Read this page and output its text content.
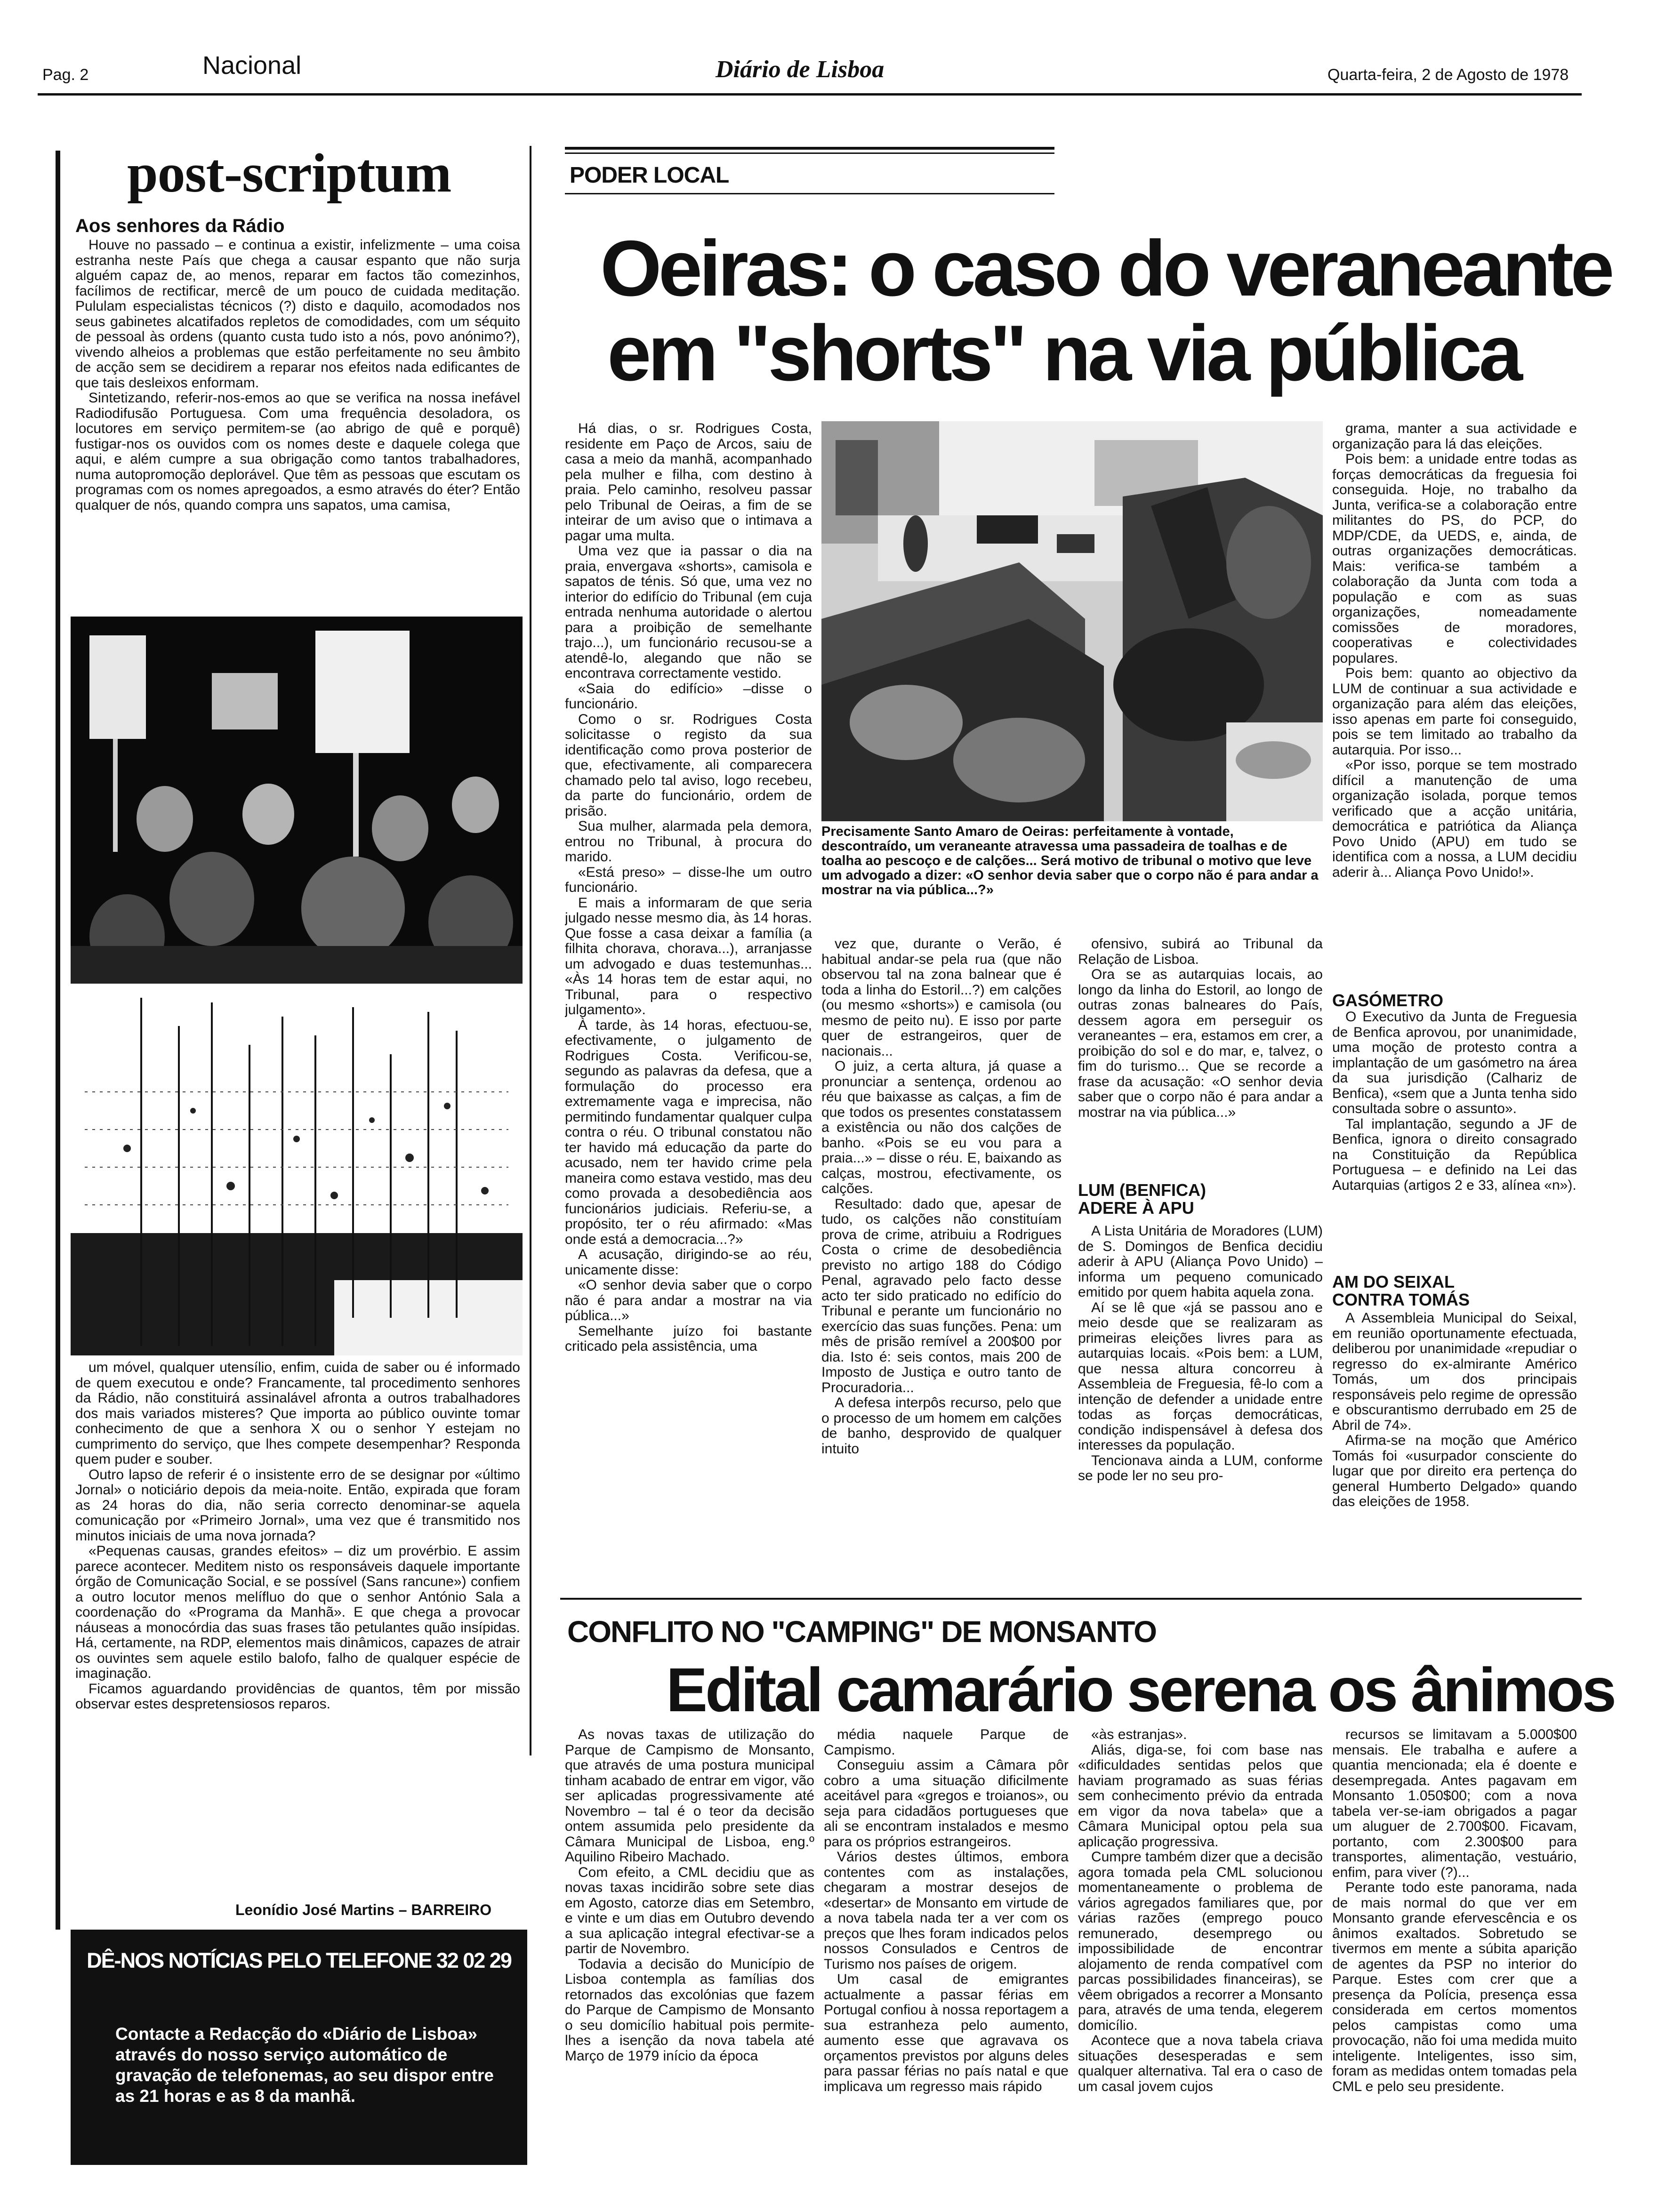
Pag. 2	Nacional	Diário de Lisboa	Quarta-feira, 2 de Agosto de 1978
post-scriptum
Aos senhores da Rádio

Houve no passado – e continua a existir, infelizmente – uma coisa estranha neste País que chega a causar espanto que não surja alguém capaz de, ao menos, reparar em factos tão comezinhos, facílimos de rectificar, mercê de um pouco de cuidada meditação. Pululam especialistas técnicos (?) disto e daquilo, acomodados nos seus gabinetes alcatifados repletos de comodidades, com um séquito de pessoal às ordens (quanto custa tudo isto a nós, povo anónimo?), vivendo alheios a problemas que estão perfeitamente no seu âmbito de acção sem se decidirem a reparar nos efeitos nada edificantes de que tais desleixos enformam.

Sintetizando, referir-nos-emos ao que se verifica na nossa inefável Radiodifusão Portuguesa. Com uma frequência desoladora, os locutores em serviço permitem-se (ao abrigo de quê e porquê) fustigar-nos os ouvidos com os nomes deste e daquele colega que aqui, e além cumpre a sua obrigação como tantos trabalhadores, numa autopromoção deplorável. Que têm as pessoas que escutam os programas com os nomes apregoados, a esmo através do éter? Então qualquer de nós, quando compra uns sapatos, uma camisa,

um móvel, qualquer utensílio, enfim, cuida de saber ou é informado de quem executou e onde? Francamente, tal procedimento senhores da Rádio, não constituirá assinalável afronta a outros trabalhadores dos mais variados misteres? Que importa ao público ouvinte tomar conhecimento de que a senhora X ou o senhor Y estejam no cumprimento do serviço, que lhes compete desempenhar? Responda quem puder e souber.

Outro lapso de referir é o insistente erro de se designar por «último Jornal» o noticiário depois da meia-noite. Então, expirada que foram as 24 horas do dia, não seria correcto denominar-se aquela comunicação por «Primeiro Jornal», uma vez que é transmitido nos minutos iniciais de uma nova jornada?

«Pequenas causas, grandes efeitos» – diz um provérbio. E assim parece acontecer. Meditem nisto os responsáveis daquele importante órgão de Comunicação Social, e se possível (Sans rancune») confiem a outro locutor menos melífluo do que o senhor António Sala a coordenação do «Programa da Manhã». E que chega a provocar náuseas a monocórdia das suas frases tão petulantes quão insípidas. Há, certamente, na RDP, elementos mais dinâmicos, capazes de atrair os ouvintes sem aquele estilo balofo, falho de qualquer espécie de imaginação.

Ficamos aguardando providências de quantos, têm por missão observar estes despretensiosos reparos.

Leonídio José Martins – BARREIRO
DÊ-NOS NOTÍCIAS PELO TELEFONE 32 02 29
Contacte a Redacção do «Diário de Lisboa» através do nosso serviço automático de gravação de telefonemas, ao seu dispor entre as 21 horas e as 8 da manhã.
PODER LOCAL
Oeiras: o caso do veraneante
em "shorts" na via pública
Precisamente Santo Amaro de Oeiras: perfeitamente à vontade, descontraído, um veraneante atravessa uma passadeira de toalhas e de toalha ao pescoço e de calções... Será motivo de tribunal o motivo que leve um advogado a dizer: «O senhor devia saber que o corpo não é para andar a mostrar na via pública...?»

Há dias, o sr. Rodrigues Costa, residente em Paço de Arcos, saiu de casa a meio da manhã, acompanhado pela mulher e filha, com destino à praia. Pelo caminho, resolveu passar pelo Tribunal de Oeiras, a fim de se inteirar de um aviso que o intimava a pagar uma multa.

Uma vez que ia passar o dia na praia, envergava «shorts», camisola e sapatos de ténis. Só que, uma vez no interior do edifício do Tribunal (em cuja entrada nenhuma autoridade o alertou para a proibição de semelhante trajo...), um funcionário recusou-se a atendê-lo, alegando que não se encontrava correctamente vestido.

«Saia do edifício» –disse o funcionário.

Como o sr. Rodrigues Costa solicitasse o registo da sua identificação como prova posterior de que, efectivamente, ali comparecera chamado pelo tal aviso, logo recebeu, da parte do funcionário, ordem de prisão.

Sua mulher, alarmada pela demora, entrou no Tribunal, à procura do marido.

«Está preso» – disse-lhe um outro funcionário.

E mais a informaram de que seria julgado nesse mesmo dia, às 14 horas. Que fosse a casa deixar a família (a filhita chorava, chorava...), arranjasse um advogado e duas testemunhas... «Às 14 horas tem de estar aqui, no Tribunal, para o respectivo julgamento».

À tarde, às 14 horas, efectuou-se, efectivamente, o julgamento de Rodrigues Costa. Verificou-se, segundo as palavras da defesa, que a formulação do processo era extremamente vaga e imprecisa, não permitindo fundamentar qualquer culpa contra o réu. O tribunal constatou não ter havido má educação da parte do acusado, nem ter havido crime pela maneira como estava vestido, mas deu como provada a desobediência aos funcionários judiciais. Referiu-se, a propósito, ter o réu afirmado: «Mas onde está a democracia...?»

A acusação, dirigindo-se ao réu, unicamente disse:

«O senhor devia saber que o corpo não é para andar a mostrar na via pública...»

Semelhante juízo foi bastante criticado pela assistência, uma

vez que, durante o Verão, é habitual andar-se pela rua (que não observou tal na zona balnear que é toda a linha do Estoril...?) em calções (ou mesmo «shorts») e camisola (ou mesmo de peito nu). E isso por parte quer de estrangeiros, quer de nacionais...

O juiz, a certa altura, já quase a pronunciar a sentença, ordenou ao réu que baixasse as calças, a fim de que todos os presentes constatassem a existência ou não dos calções de banho. «Pois se eu vou para a praia...» – disse o réu. E, baixando as calças, mostrou, efectivamente, os calções.

Resultado: dado que, apesar de tudo, os calções não constituíam prova de crime, atribuiu a Rodrigues Costa o crime de desobediência previsto no artigo 188 do Código Penal, agravado pelo facto desse acto ter sido praticado no edifício do Tribunal e perante um funcionário no exercício das suas funções. Pena: um mês de prisão remível a 200$00 por dia. Isto é: seis contos, mais 200 de Imposto de Justiça e outro tanto de Procuradoria...

A defesa interpôs recurso, pelo que o processo de um homem em calções de banho, desprovido de qualquer intuito

ofensivo, subirá ao Tribunal da Relação de Lisboa.

Ora se as autarquias locais, ao longo da linha do Estoril, ao longo de outras zonas balneares do País, dessem agora em perseguir os veraneantes – era, estamos em crer, a proibição do sol e do mar, e, talvez, o fim do turismo... Que se recorde a frase da acusação: «O senhor devia saber que o corpo não é para andar a mostrar na via pública...»

LUM (BENFICA) ADERE À APU

A Lista Unitária de Moradores (LUM) de S. Domingos de Benfica decidiu aderir à APU (Aliança Povo Unido) – informa um pequeno comunicado emitido por quem habita aquela zona.

Aí se lê que «já se passou ano e meio desde que se realizaram as primeiras eleições livres para as autarquias locais. «Pois bem: a LUM, que nessa altura concorreu à Assembleia de Freguesia, fê-lo com a intenção de defender a unidade entre todas as forças democráticas, condição indispensável à defesa dos interesses da população.

Tencionava ainda a LUM, conforme se pode ler no seu pro-

grama, manter a sua actividade e organização para lá das eleições.

Pois bem: a unidade entre todas as forças democráticas da freguesia foi conseguida. Hoje, no trabalho da Junta, verifica-se a colaboração entre militantes do PS, do PCP, do MDP/CDE, da UEDS, e, ainda, de outras organizações democráticas. Mais: verifica-se também a colaboração da Junta com toda a população e com as suas organizações, nomeadamente comissões de moradores, cooperativas e colectividades populares.

Pois bem: quanto ao objectivo da LUM de continuar a sua actividade e organização para além das eleições, isso apenas em parte foi conseguido, pois se tem limitado ao trabalho da autarquia. Por isso...

«Por isso, porque se tem mostrado difícil a manutenção de uma organização isolada, porque temos verificado que a acção unitária, democrática e patriótica da Aliança Povo Unido (APU) em tudo se identifica com a nossa, a LUM decidiu aderir à... Aliança Povo Unido!».

GASÓMETRO

O Executivo da Junta de Freguesia de Benfica aprovou, por unanimidade, uma moção de protesto contra a implantação de um gasómetro na área da sua jurisdição (Calhariz de Benfica), «sem que a Junta tenha sido consultada sobre o assunto».

Tal implantação, segundo a JF de Benfica, ignora o direito consagrado na Constituição da República Portuguesa – e definido na Lei das Autarquias (artigos 2 e 33, alínea «n»).

AM DO SEIXAL CONTRA TOMÁS

A Assembleia Municipal do Seixal, em reunião oportunamente efectuada, deliberou por unanimidade «repudiar o regresso do ex-almirante Américo Tomás, um dos principais responsáveis pelo regime de opressão e obscurantismo derrubado em 25 de Abril de 74».

Afirma-se na moção que Américo Tomás foi «usurpador consciente do lugar que por direito era pertença do general Humberto Delgado» quando das eleições de 1958.

CONFLITO NO "CAMPING" DE MONSANTO
Edital camarário serena os ânimos

As novas taxas de utilização do Parque de Campismo de Monsanto, que através de uma postura municipal tinham acabado de entrar em vigor, vão ser aplicadas progressivamente até Novembro – tal é o teor da decisão ontem assumida pelo presidente da Câmara Municipal de Lisboa, eng.º Aquilino Ribeiro Machado.

Com efeito, a CML decidiu que as novas taxas incidirão sobre sete dias em Agosto, catorze dias em Setembro, e vinte e um dias em Outubro devendo a sua aplicação integral efectivar-se a partir de Novembro.

Todavia a decisão do Município de Lisboa contempla as famílias dos retornados das excolónias que fazem do Parque de Campismo de Monsanto o seu domicílio habitual pois permite-lhes a isenção da nova tabela até Março de 1979 início da época

média naquele Parque de Campismo.

Conseguiu assim a Câmara pôr cobro a uma situação dificilmente aceitável para «gregos e troianos», ou seja para cidadãos portugueses que ali se encontram instalados e mesmo para os próprios estrangeiros.

Vários destes últimos, embora contentes com as instalações, chegaram a mostrar desejos de «desertar» de Monsanto em virtude de a nova tabela nada ter a ver com os preços que lhes foram indicados pelos nossos Consulados e Centros de Turismo nos países de origem.

Um casal de emigrantes actualmente a passar férias em Portugal confiou à nossa reportagem a sua estranheza pelo aumento, aumento esse que agravava os orçamentos previstos por alguns deles para passar férias no país natal e que implicava um regresso mais rápido

«às estranjas».

Aliás, diga-se, foi com base nas «dificuldades sentidas pelos que haviam programado as suas férias sem conhecimento prévio da entrada em vigor da nova tabela» que a Câmara Municipal optou pela sua aplicação progressiva.

Cumpre também dizer que a decisão agora tomada pela CML solucionou momentaneamente o problema de vários agregados familiares que, por várias razões (emprego pouco remunerado, desemprego ou impossibilidade de encontrar alojamento de renda compatível com parcas possibilidades financeiras), se vêem obrigados a recorrer a Monsanto para, através de uma tenda, elegerem domicílio.

Acontece que a nova tabela criava situações desesperadas e sem qualquer alternativa. Tal era o caso de um casal jovem cujos

recursos se limitavam a 5.000$00 mensais. Ele trabalha e aufere a quantia mencionada; ela é doente e desempregada. Antes pagavam em Monsanto 1.050$00; com a nova tabela ver-se-iam obrigados a pagar um aluguer de 2.700$00. Ficavam, portanto, com 2.300$00 para transportes, alimentação, vestuário, enfim, para viver (?)...

Perante todo este panorama, nada de mais normal do que ver em Monsanto grande efervescência e os ânimos exaltados. Sobretudo se tivermos em mente a súbita aparição de agentes da PSP no interior do Parque. Estes com crer que a presença da Polícia, presença essa considerada em certos momentos pelos campistas como uma provocação, não foi uma medida muito inteligente. Inteligentes, isso sim, foram as medidas ontem tomadas pela CML e pelo seu presidente.
